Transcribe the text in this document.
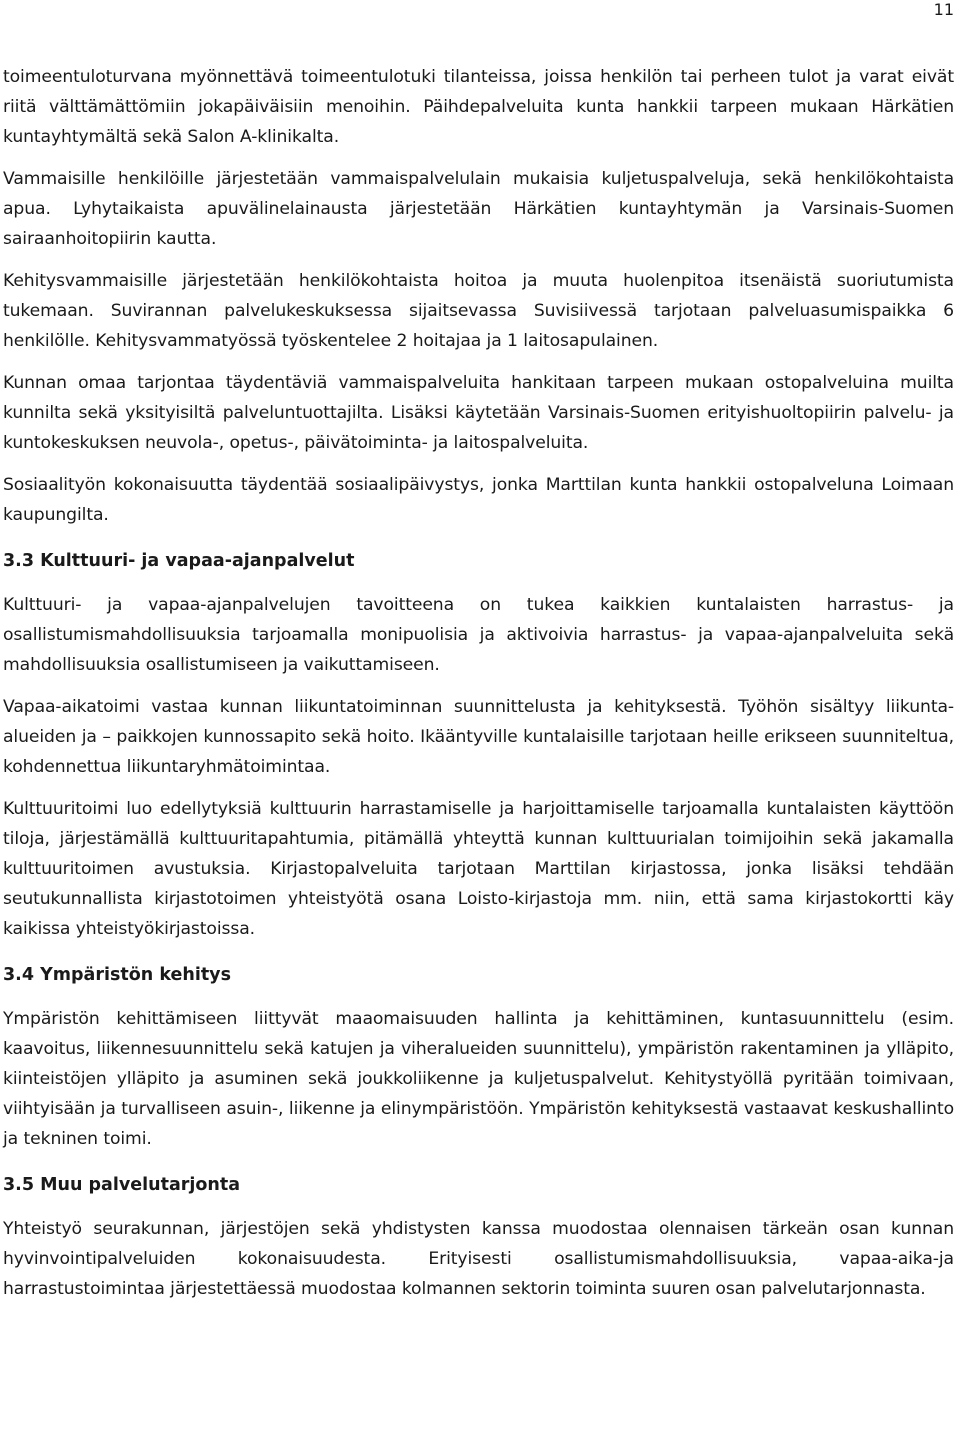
11

toimeentuloturvana myönnettävä toimeentulotuki tilanteissa, joissa henkilön tai perheen tulot ja varat eivät riitä välttämättömiin jokapäiväisiin menoihin. Päihdepalveluita kunta hankkii tarpeen mukaan Härkätien kuntayhtymältä sekä Salon A-klinikalta.

Vammaisille henkilöille järjestetään vammaispalvelulain mukaisia kuljetuspalveluja, sekä henkilökohtaista apua. Lyhytaikaista apuvälinelainausta järjestetään Härkätien kuntayhtymän ja Varsinais-Suomen sairaanhoitopiirin kautta.

Kehitysvammaisille järjestetään henkilökohtaista hoitoa ja muuta huolenpitoa itsenäistä suoriutumista tukemaan. Suvirannan palvelukeskuksessa sijaitsevassa Suvisiivessä tarjotaan palveluasumispaikka 6 henkilölle. Kehitysvammatyössä työskentelee 2 hoitajaa ja 1 laitosapulainen.

Kunnan omaa tarjontaa täydentäviä vammaispalveluita hankitaan tarpeen mukaan ostopalveluina muilta kunnilta sekä yksityisiltä palveluntuottajilta. Lisäksi käytetään Varsinais-Suomen erityishuoltopiirin palvelu- ja kuntokeskuksen neuvola-, opetus-, päivätoiminta- ja laitospalveluita.

Sosiaalityön kokonaisuutta täydentää sosiaalipäivystys, jonka Marttilan kunta hankkii ostopalveluna Loimaan kaupungilta.

3.3 Kulttuuri- ja vapaa-ajanpalvelut

Kulttuuri- ja vapaa-ajanpalvelujen tavoitteena on tukea kaikkien kuntalaisten harrastus- ja osallistumismahdollisuuksia tarjoamalla monipuolisia ja aktivoivia harrastus- ja vapaa-ajanpalveluita sekä mahdollisuuksia osallistumiseen ja vaikuttamiseen.

Vapaa-aikatoimi vastaa kunnan liikuntatoiminnan suunnittelusta ja kehityksestä. Työhön sisältyy liikunta-alueiden ja – paikkojen kunnossapito sekä hoito. Ikääntyville kuntalaisille tarjotaan heille erikseen suunniteltua, kohdennettua liikuntaryhmätoimintaa.

Kulttuuritoimi luo edellytyksiä kulttuurin harrastamiselle ja harjoittamiselle tarjoamalla kuntalaisten käyttöön tiloja, järjestämällä kulttuuritapahtumia, pitämällä yhteyttä kunnan kulttuurialan toimijoihin sekä jakamalla kulttuuritoimen avustuksia. Kirjastopalveluita tarjotaan Marttilan kirjastossa, jonka lisäksi tehdään seutukunnallista kirjastotoimen yhteistyötä osana Loisto-kirjastoja mm. niin, että sama kirjastokortti käy kaikissa yhteistyökirjastoissa.

3.4 Ympäristön kehitys

Ympäristön kehittämiseen liittyvät maaomaisuuden hallinta ja kehittäminen, kuntasuunnittelu (esim. kaavoitus, liikennesuunnittelu sekä katujen ja viheralueiden suunnittelu), ympäristön rakentaminen ja ylläpito, kiinteistöjen ylläpito ja asuminen sekä joukkoliikenne ja kuljetuspalvelut. Kehitystyöllä pyritään toimivaan, viihtyisään ja turvalliseen asuin-, liikenne ja elinympäristöön. Ympäristön kehityksestä vastaavat keskushallinto ja tekninen toimi.

3.5 Muu palvelutarjonta

Yhteistyö seurakunnan, järjestöjen sekä yhdistysten kanssa muodostaa olennaisen tärkeän osan kunnan hyvinvointipalveluiden kokonaisuudesta. Erityisesti osallistumismahdollisuuksia, vapaa-aika-ja harrastustoimintaa järjestettäessä muodostaa kolmannen sektorin toiminta suuren osan palvelutarjonnasta.
